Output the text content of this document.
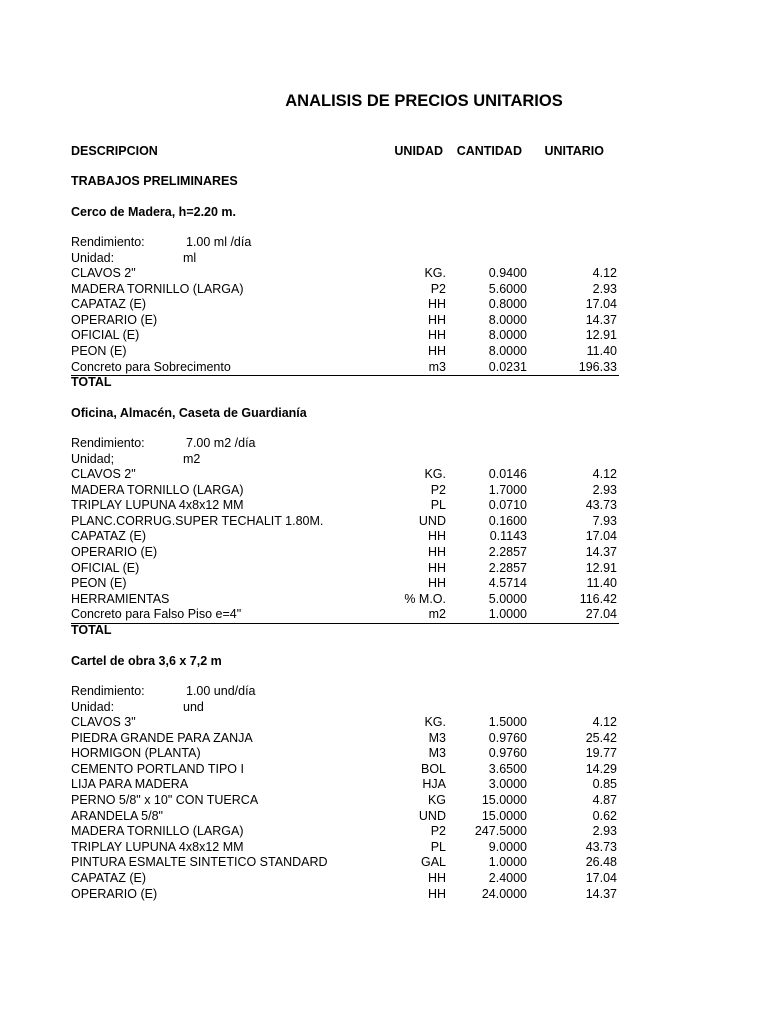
ANALISIS DE PRECIOS UNITARIOS
DESCRIPCION	UNIDAD CANTIDAD UNITARIO
TRABAJOS PRELIMINARES
Cerco de Madera, h=2.20 m.
Rendimiento:	1.00 ml /día
Unidad:	ml
CLAVOS 2"	KG.	0.9400	4.12
MADERA TORNILLO (LARGA)	P2	5.6000	2.93
CAPATAZ (E)	HH	0.8000	17.04
OPERARIO (E)	HH	8.0000	14.37
OFICIAL (E)	HH	8.0000	12.91
PEON (E)	HH	8.0000	11.40
Concreto para Sobrecimento	m3	0.0231	196.33
TOTAL
Oficina, Almacén, Caseta de Guardianía
Rendimiento:	7.00 m2 /día
Unidad;	m2
CLAVOS 2"	KG.	0.0146	4.12
MADERA TORNILLO (LARGA)	P2	1.7000	2.93
TRIPLAY LUPUNA 4x8x12 MM	PL	0.0710	43.73
PLANC.CORRUG.SUPER TECHALIT 1.80M.	UND	0.1600	7.93
CAPATAZ (E)	HH	0.1143	17.04
OPERARIO (E)	HH	2.2857	14.37
OFICIAL (E)	HH	2.2857	12.91
PEON (E)	HH	4.5714	11.40
HERRAMIENTAS	% M.O.	5.0000	116.42
Concreto para Falso Piso e=4"	m2	1.0000	27.04
TOTAL
Cartel de obra 3,6 x 7,2 m
Rendimiento:	1.00 und/día
Unidad:	und
CLAVOS 3"	KG.	1.5000	4.12
PIEDRA GRANDE PARA ZANJA	M3	0.9760	25.42
HORMIGON (PLANTA)	M3	0.9760	19.77
CEMENTO PORTLAND TIPO I	BOL	3.6500	14.29
LIJA PARA MADERA	HJA	3.0000	0.85
PERNO 5/8" x 10" CON TUERCA	KG	15.0000	4.87
ARANDELA 5/8"	UND	15.0000	0.62
MADERA TORNILLO (LARGA)	P2 247.5000	2.93
TRIPLAY LUPUNA 4x8x12 MM	PL	9.0000	43.73
PINTURA ESMALTE SINTETICO STANDARD	GAL	1.0000	26.48
CAPATAZ (E)	HH	2.4000	17.04
OPERARIO (E)	HH	24.0000	14.37
